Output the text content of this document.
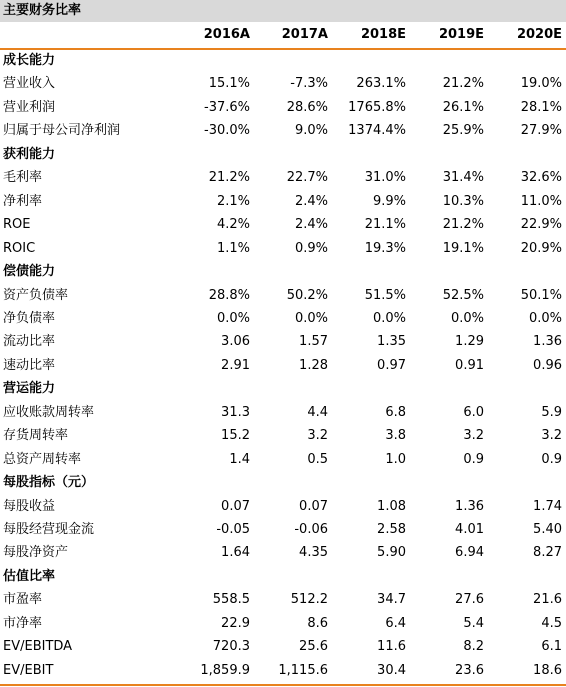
主要财务比率
2016A	2017A	2018E	2019E	2020E
成长能力
营业收入	15.1%	-7.3%	263.1%	21.2%	19.0%
营业利润	-37.6%	28.6%	1765.8%	26.1%	28.1%
归属于母公司净利润	-30.0%	9.0%	1374.4%	25.9%	27.9%
获利能力
毛利率	21.2%	22.7%	31.0%	31.4%	32.6%
净利率	2.1%	2.4%	9.9%	10.3%	11.0%
ROE	4.2%	2.4%	21.1%	21.2%	22.9%
ROIC	1.1%	0.9%	19.3%	19.1%	20.9%
偿债能力
资产负债率	28.8%	50.2%	51.5%	52.5%	50.1%
净负债率	0.0%	0.0%	0.0%	0.0%	0.0%
流动比率	3.06	1.57	1.35	1.29	1.36
速动比率	2.91	1.28	0.97	0.91	0.96
营运能力
应收账款周转率	31.3	4.4	6.8	6.0	5.9
存货周转率	15.2	3.2	3.8	3.2	3.2
总资产周转率	1.4	0.5	1.0	0.9	0.9
每股指标（元）
每股收益	0.07	0.07	1.08	1.36	1.74
每股经营现金流	-0.05	-0.06	2.58	4.01	5.40
每股净资产	1.64	4.35	5.90	6.94	8.27
估值比率
市盈率	558.5	512.2	34.7	27.6	21.6
市净率	22.9	8.6	6.4	5.4	4.5
EV/EBITDA	720.3	25.6	11.6	8.2	6.1
EV/EBIT	1,859.9	1,115.6	30.4	23.6	18.6
